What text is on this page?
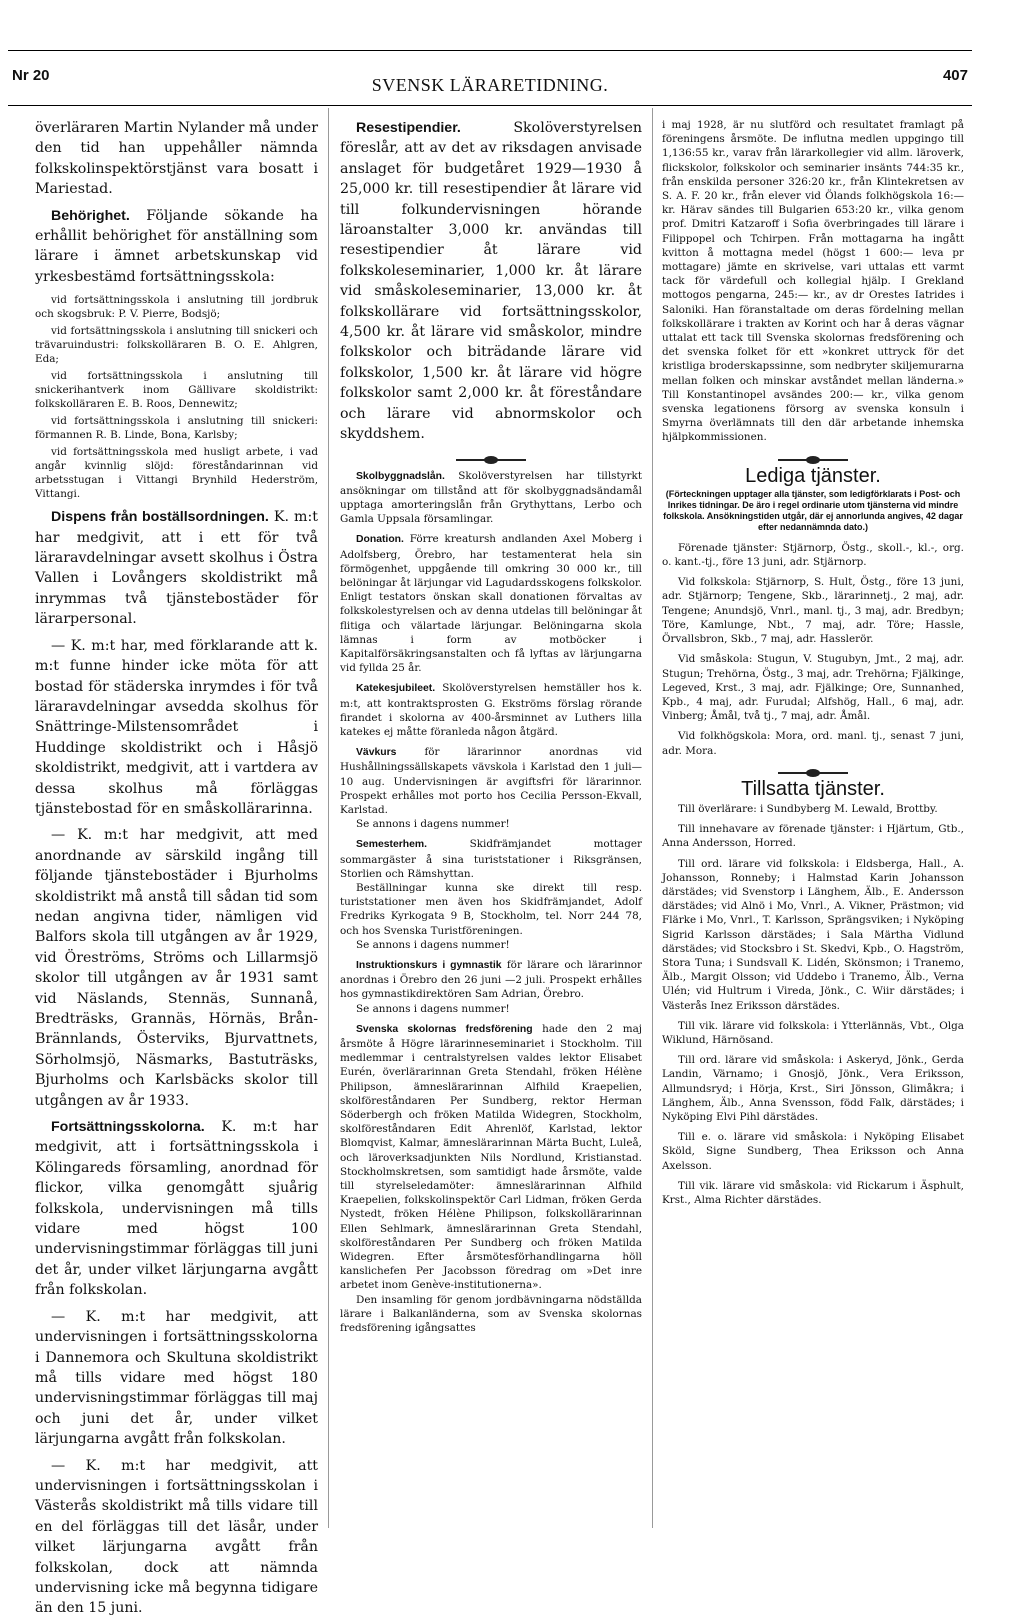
Nr 20	SVENSK LÄRARETIDNING.	407

överläraren Martin Nylander må under den tid han uppehåller nämnda folkskolinspektörstjänst vara bosatt i Mariestad.

Behörighet. Följande sökande ha erhållit behörighet för anställning som lärare i ämnet arbetskunskap vid yrkesbestämd fortsättningsskola:

vid fortsättningsskola i anslutning till jordbruk och skogsbruk: P. V. Pierre, Bodsjö;

vid fortsättningsskola i anslutning till snickeri och trävaruindustri: folkskolläraren B. O. E. Ahlgren, Eda;

vid fortsättningsskola i anslutning till snickerihantverk inom Gällivare skoldistrikt: folkskolläraren E. B. Roos, Dennewitz;

vid fortsättningsskola i anslutning till snickeri: förmannen R. B. Linde, Bona, Karlsby;

vid fortsättningsskola med husligt arbete, i vad angår kvinnlig slöjd: föreståndarinnan vid arbetsstugan i Vittangi Brynhild Hederström, Vittangi.

Dispens från boställsordningen. K. m:t har medgivit, att i ett för två läraravdelningar avsett skolhus i Östra Vallen i Lovångers skoldistrikt må inrymmas två tjänstebostäder för lärarpersonal.

— K. m:t har, med förklarande att k. m:t funne hinder icke möta för att bostad för städerska inrymdes i för två läraravdelningar avsedda skolhus för Snättringe-Milstensområdet i Huddinge skoldistrikt och i Håsjö skoldistrikt, medgivit, att i vartdera av dessa skolhus må förläggas tjänstebostad för en småskollärarinna.

— K. m:t har medgivit, att med anordnande av särskild ingång till följande tjänstebostäder i Bjurholms skoldistrikt må anstå till sådan tid som nedan angivna tider, nämligen vid Balfors skola till utgången av år 1929, vid Öreströms, Ströms och Lillarmsjö skolor till utgången av år 1931 samt vid Näslands, Stennäs, Sunnanå, Bredträsks, Grannäs, Hörnäs, Brån-Brännlands, Österviks, Bjurvattnets, Sörholmsjö, Näsmarks, Bastuträsks, Bjurholms och Karlsbäcks skolor till utgången av år 1933.

Fortsättningsskolorna. K. m:t har medgivit, att i fortsättningsskola i Kölingareds församling, anordnad för flickor, vilka genomgått sjuårig folkskola, undervisningen må tills vidare med högst 100 undervisningstimmar förläggas till juni det år, under vilket lärjungarna avgått från folkskolan.

— K. m:t har medgivit, att undervisningen i fortsättningsskolorna i Dannemora och Skultuna skoldistrikt må tills vidare med högst 180 undervisningstimmar förläggas till maj och juni det år, under vilket lärjungarna avgått från folkskolan.

— K. m:t har medgivit, att undervisningen i fortsättningsskolan i Västerås skoldistrikt må tills vidare till en del förläggas till det läsår, under vilket lärjungarna avgått från folkskolan, dock att nämnda undervisning icke må begynna tidigare än den 15 juni.

Resestipendier. Skolöverstyrelsen föreslår, att av det av riksdagen anvisade anslaget för budgetåret 1929—1930 å 25,000 kr. till resestipendier åt lärare vid till folkundervisningen hörande läroanstalter 3,000 kr. användas till resestipendier åt lärare vid folkskoleseminarier, 1,000 kr. åt lärare vid småskoleseminarier, 13,000 kr. åt folkskollärare vid fortsättningsskolor, 4,500 kr. åt lärare vid småskolor, mindre folkskolor och biträdande lärare vid folkskolor, 1,500 kr. åt lärare vid högre folkskolor samt 2,000 kr. åt föreståndare och lärare vid abnormskolor och skyddshem.

Skolbyggnadslån. Skolöverstyrelsen har tillstyrkt ansökningar om tillstånd att för skolbyggnadsändamål upptaga amorteringslån från Grythyttans, Lerbo och Gamla Uppsala församlingar.

Donation. Förre kreatursh andlanden Axel Moberg i Adolfsberg, Örebro, har testamenterat hela sin förmögenhet, uppgående till omkring 30 000 kr., till belöningar åt lärjungar vid Lagudardsskogens folkskolor. Enligt testators önskan skall donationen förvaltas av folkskolestyrelsen och av denna utdelas till belöningar åt flitiga och välartade lärjungar. Belöningarna skola lämnas i form av motböcker i Kapitalförsäkringsanstalten och få lyftas av lärjungarna vid fyllda 25 år.

Katekesjubileet. Skolöverstyrelsen hemställer hos k. m:t, att kontraktsprosten G. Ekströms förslag rörande firandet i skolorna av 400-årsminnet av Luthers lilla katekes ej måtte föranleda någon åtgärd.

Vävkurs för lärarinnor anordnas vid Hushållningssällskapets vävskola i Karlstad den 1 juli—10 aug. Undervisningen är avgiftsfri för lärarinnor. Prospekt erhålles mot porto hos Cecilia Persson-Ekvall, Karlstad.

Se annons i dagens nummer!

Semesterhem. Skidfrämjandet mottager sommargäster å sina turiststationer i Riksgränsen, Storlien och Rämshyttan.

Beställningar kunna ske direkt till resp. turiststationer men även hos Skidfrämjandet, Adolf Fredriks Kyrkogata 9 B, Stockholm, tel. Norr 244 78, och hos Svenska Turistföreningen.

Se annons i dagens nummer!

Instruktionskurs i gymnastik för lärare och lärarinnor anordnas i Örebro den 26 juni —2 juli. Prospekt erhålles hos gymnastikdirektören Sam Adrian, Örebro.

Se annons i dagens nummer!

Svenska skolornas fredsförening hade den 2 maj årsmöte å Högre lärarinneseminariet i Stockholm. Till medlemmar i centralstyrelsen valdes lektor Elisabet Eurén, överlärarinnan Greta Stendahl, fröken Hélène Philipson, ämneslärarinnan Alfhild Kraepelien, skolföreståndaren Per Sundberg, rektor Herman Söderbergh och fröken Matilda Widegren, Stockholm, skolföreståndaren Edit Ahrenlöf, Karlstad, lektor Blomqvist, Kalmar, ämneslärarinnan Märta Bucht, Luleå, och läroverksadjunkten Nils Nordlund, Kristianstad. Stockholmskretsen, som samtidigt hade årsmöte, valde till styrelseledamöter: ämneslärarinnan Alfhild Kraepelien, folkskolinspektör Carl Lidman, fröken Gerda Nystedt, fröken Hélène Philipson, folkskollärarinnan Ellen Sehlmark, ämneslärarinnan Greta Stendahl, skolföreståndaren Per Sundberg och fröken Matilda Widegren. Efter årsmötesförhandlingarna höll kanslichefen Per Jacobsson föredrag om »Det inre arbetet inom Genève-institutionerna».

Den insamling för genom jordbävningarna nödställda lärare i Balkanländerna, som av Svenska skolornas fredsförening igångsattes

i maj 1928, är nu slutförd och resultatet framlagt på föreningens årsmöte. De influtna medlen uppgingo till 1,136:55 kr., varav från lärarkollegier vid allm. läroverk, flickskolor, folkskolor och seminarier insänts 744:35 kr., från enskilda personer 326:20 kr., från Klintekretsen av S. A. F. 20 kr., från elever vid Ölands folkhögskola 16:— kr. Härav sändes till Bulgarien 653:20 kr., vilka genom prof. Dmitri Katzaroff i Sofia överbringades till lärare i Filippopel och Tchirpen. Från mottagarna ha ingått kvitton å mottagna medel (högst 1 600:— leva pr mottagare) jämte en skrivelse, vari uttalas ett varmt tack för värdefull och kollegial hjälp. I Grekland mottogos pengarna, 245:— kr., av dr Orestes Iatrides i Saloniki. Han föranstaltade om deras fördelning mellan folkskollärare i trakten av Korint och har å deras vägnar uttalat ett tack till Svenska skolornas fredsförening och det svenska folket för ett »konkret uttryck för det kristliga broderskapssinne, som nedbryter skiljemurarna mellan folken och minskar avståndet mellan länderna.» Till Konstantinopel avsändes 200:— kr., vilka genom svenska legationens försorg av svenska konsuln i Smyrna överlämnats till den där arbetande inhemska hjälpkommissionen.

Lediga tjänster.
(Förteckningen upptager alla tjänster, som ledigförklarats i Post- och Inrikes tidningar. De äro i regel ordinarie utom tjänsterna vid mindre folkskola. Ansökningstiden utgår, där ej annorlunda angives, 42 dagar efter nedannämnda dato.)

Förenade tjänster: Stjärnorp, Östg., skoll.-, kl.-, org. o. kant.-tj., före 13 juni, adr. Stjärnorp.

Vid folkskola: Stjärnorp, S. Hult, Östg., före 13 juni, adr. Stjärnorp; Tengene, Skb., lärarinnetj., 2 maj, adr. Tengene; Anundsjö, Vnrl., manl. tj., 3 maj, adr. Bredbyn; Töre, Kamlunge, Nbt., 7 maj, adr. Töre; Hassle, Örvallsbron, Skb., 7 maj, adr. Hasslerör.

Vid småskola: Stugun, V. Stugubyn, Jmt., 2 maj, adr. Stugun; Trehörna, Östg., 3 maj, adr. Trehörna; Fjälkinge, Legeved, Krst., 3 maj, adr. Fjälkinge; Ore, Sunnanhed, Kpb., 4 maj, adr. Furudal; Alfshög, Hall., 6 maj, adr. Vinberg; Åmål, två tj., 7 maj, adr. Åmål.

Vid folkhögskola: Mora, ord. manl. tj., senast 7 juni, adr. Mora.

Tillsatta tjänster.

Till överlärare: i Sundbyberg M. Lewald, Brottby.

Till innehavare av förenade tjänster: i Hjärtum, Gtb., Anna Andersson, Horred.

Till ord. lärare vid folkskola: i Eldsberga, Hall., A. Johansson, Ronneby; i Halmstad Karin Johansson därstädes; vid Svenstorp i Länghem, Älb., E. Andersson därstädes; vid Alnö i Mo, Vnrl., A. Vikner, Prästmon; vid Flärke i Mo, Vnrl., T. Karlsson, Sprängsviken; i Nyköping Sigrid Karlsson därstädes; i Sala Märtha Vidlund därstädes; vid Stocksbro i St. Skedvi, Kpb., O. Hagström, Stora Tuna; i Sundsvall K. Lidén, Skönsmon; i Tranemo, Älb., Margit Olsson; vid Uddebo i Tranemo, Älb., Verna Ulén; vid Hultrum i Vireda, Jönk., C. Wiir därstädes; i Västerås Inez Eriksson därstädes.

Till vik. lärare vid folkskola: i Ytterlännäs, Vbt., Olga Wiklund, Härnösand.

Till ord. lärare vid småskola: i Askeryd, Jönk., Gerda Landin, Värnamo; i Gnosjö, Jönk., Vera Eriksson, Allmundsryd; i Hörja, Krst., Siri Jönsson, Glimåkra; i Länghem, Älb., Anna Svensson, född Falk, därstädes; i Nyköping Elvi Pihl därstädes.

Till e. o. lärare vid småskola: i Nyköping Elisabet Sköld, Signe Sundberg, Thea Eriksson och Anna Axelsson.

Till vik. lärare vid småskola: vid Rickarum i Äsphult, Krst., Alma Richter därstädes.
